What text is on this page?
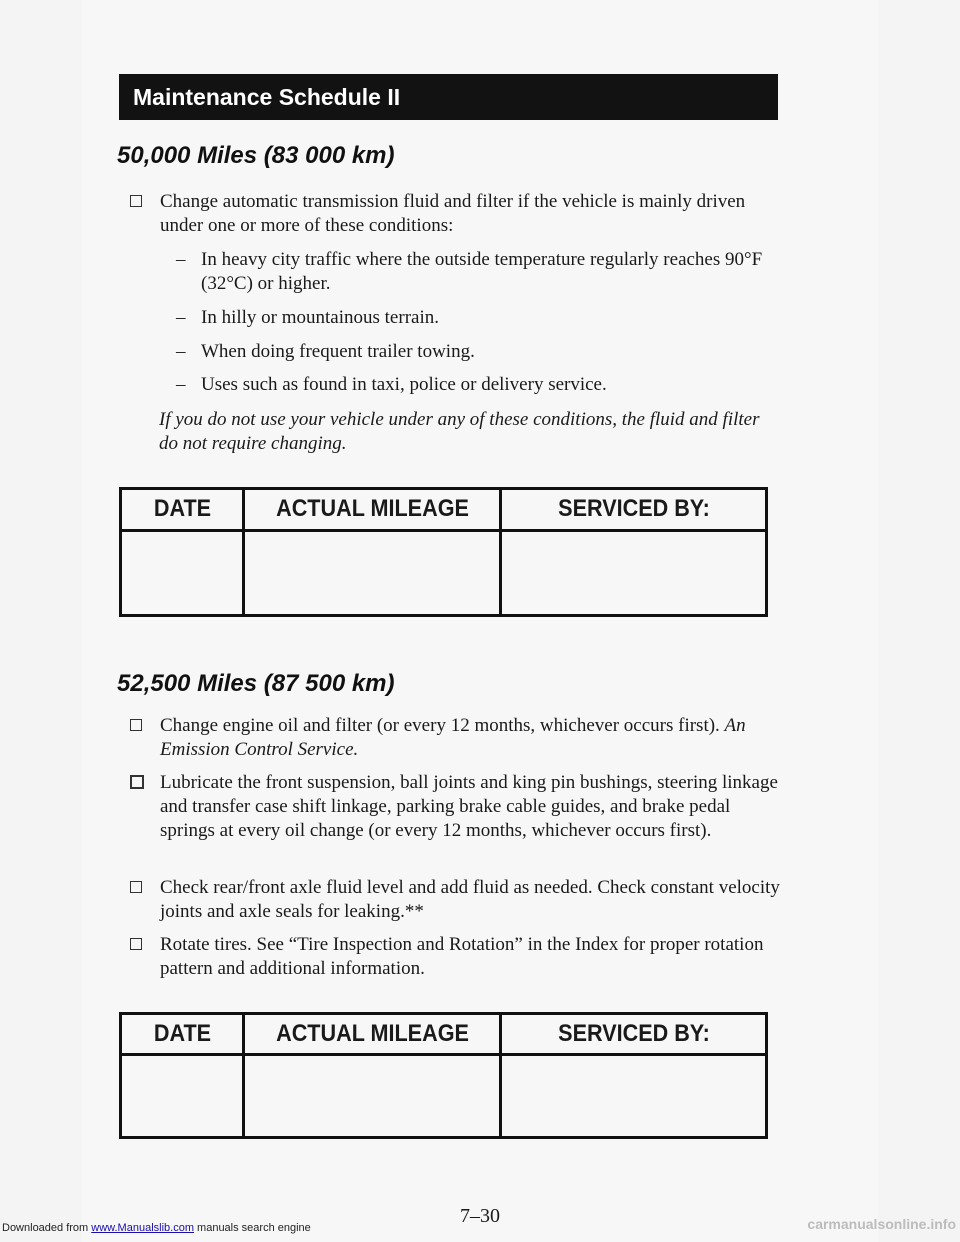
Maintenance Schedule II
50,000 Miles (83 000 km)
Change automatic transmission fluid and filter if the vehicle is mainly driven under one or more of these conditions:
– In heavy city traffic where the outside temperature regularly reaches 90°F (32°C) or higher.
– In hilly or mountainous terrain.
– When doing frequent trailer towing.
– Uses such as found in taxi, police or delivery service.
If you do not use your vehicle under any of these conditions, the fluid and filter do not require changing.
DATE	ACTUAL MILEAGE	SERVICED BY:

52,500 Miles (87 500 km)
Change engine oil and filter (or every 12 months, whichever occurs first). An Emission Control Service.
Lubricate the front suspension, ball joints and king pin bushings, steering linkage and transfer case shift linkage, parking brake cable guides, and brake pedal springs at every oil change (or every 12 months, whichever occurs first).
Check rear/front axle fluid level and add fluid as needed. Check constant velocity joints and axle seals for leaking.**
Rotate tires. See “Tire Inspection and Rotation” in the Index for proper rotation pattern and additional information.
DATE	ACTUAL MILEAGE	SERVICED BY:

7–30
Downloaded from www.Manualslib.com manuals search engine	carmanualsonline.info
